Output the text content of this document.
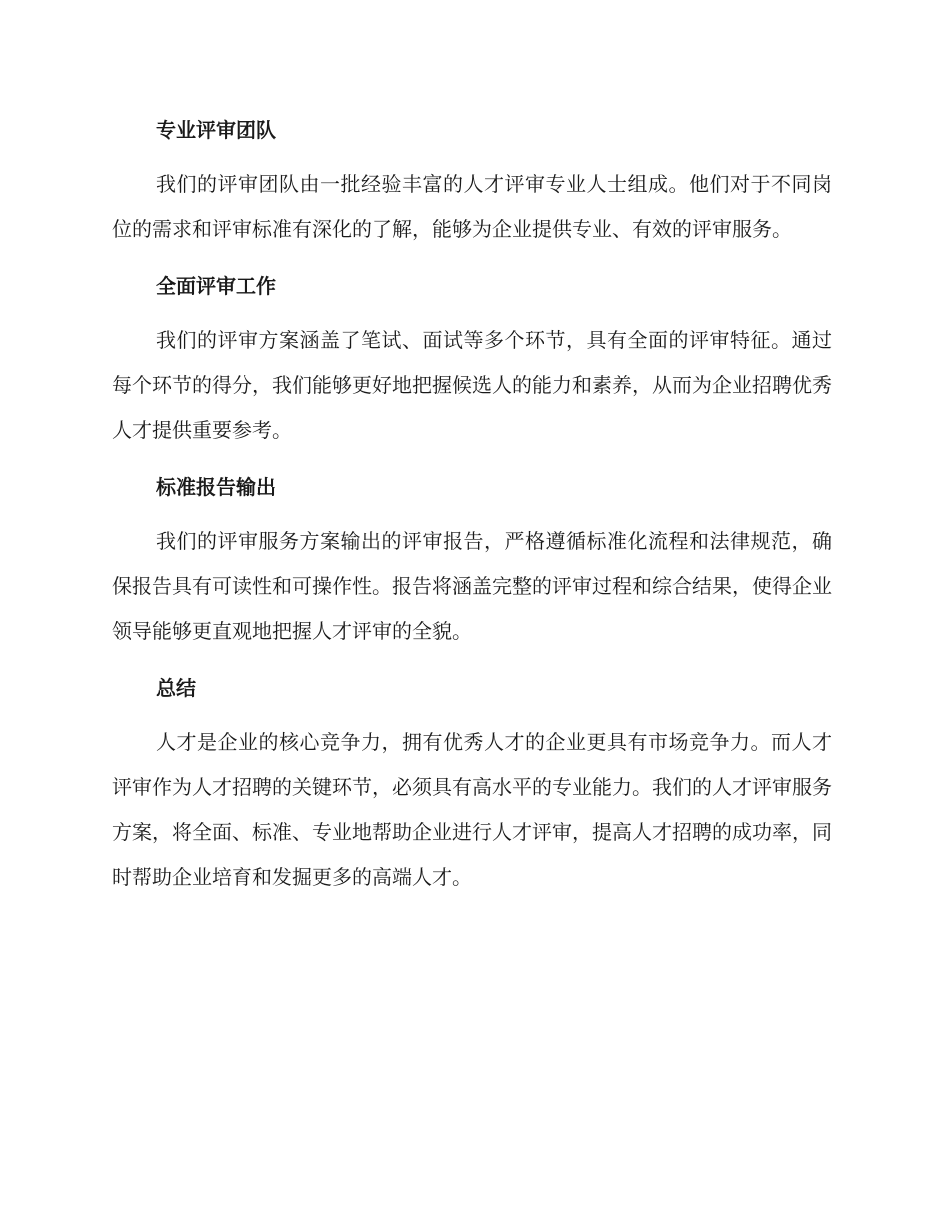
专业评审团队

我们的评审团队由一批经验丰富的人才评审专业人士组成。他们对于不同岗位的需求和评审标准有深化的了解，能够为企业提供专业、有效的评审服务。

全面评审工作

我们的评审方案涵盖了笔试、面试等多个环节，具有全面的评审特征。通过每个环节的得分，我们能够更好地把握候选人的能力和素养，从而为企业招聘优秀人才提供重要参考。

标准报告输出

我们的评审服务方案输出的评审报告，严格遵循标准化流程和法律规范，确保报告具有可读性和可操作性。报告将涵盖完整的评审过程和综合结果，使得企业领导能够更直观地把握人才评审的全貌。

总结

人才是企业的核心竞争力，拥有优秀人才的企业更具有市场竞争力。而人才评审作为人才招聘的关键环节，必须具有高水平的专业能力。我们的人才评审服务方案，将全面、标准、专业地帮助企业进行人才评审，提高人才招聘的成功率，同时帮助企业培育和发掘更多的高端人才。
